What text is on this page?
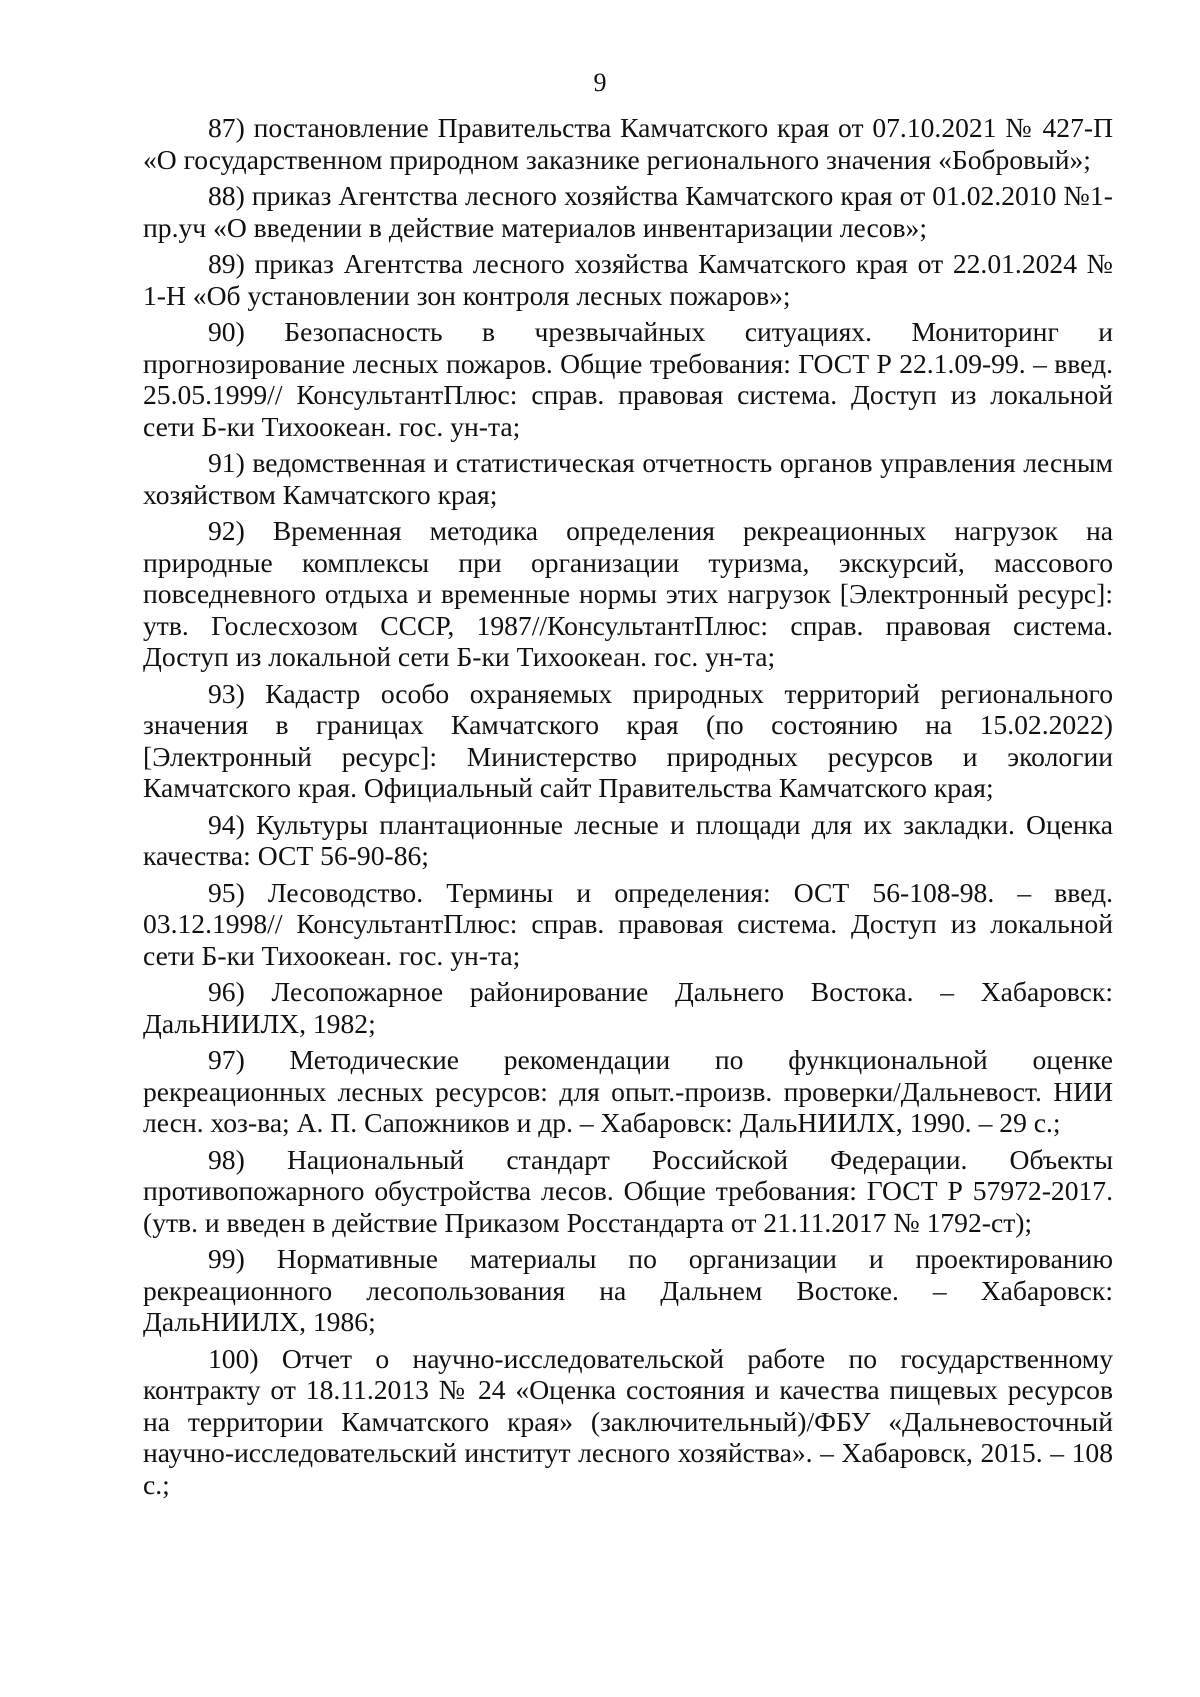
9

87) постановление Правительства Камчатского края от 07.10.2021 № 427-П «О государственном природном заказнике регионального значения «Бобровый»;

88) приказ Агентства лесного хозяйства Камчатского края от 01.02.2010 №1-пр.уч «О введении в действие материалов инвентаризации лесов»;

89) приказ Агентства лесного хозяйства Камчатского края от 22.01.2024 № 1-Н «Об установлении зон контроля лесных пожаров»;

90) Безопасность в чрезвычайных ситуациях. Мониторинг и прогнозирование лесных пожаров. Общие требования: ГОСТ Р 22.1.09-99. – введ. 25.05.1999// КонсультантПлюс: справ. правовая система. Доступ из локальной сети Б-ки Тихоокеан. гос. ун-та;

91) ведомственная и статистическая отчетность органов управления лесным хозяйством Камчатского края;

92) Временная методика определения рекреационных нагрузок на природные комплексы при организации туризма, экскурсий, массового повседневного отдыха и временные нормы этих нагрузок [Электронный ресурс]: утв. Гослесхозом СССР, 1987//КонсультантПлюс: справ. правовая система. Доступ из локальной сети Б-ки Тихоокеан. гос. ун-та;

93) Кадастр особо охраняемых природных территорий регионального значения в границах Камчатского края (по состоянию на 15.02.2022) [Электронный ресурс]: Министерство природных ресурсов и экологии Камчатского края. Официальный сайт Правительства Камчатского края;

94) Культуры плантационные лесные и площади для их закладки. Оценка качества: ОСТ 56-90-86;

95) Лесоводство. Термины и определения: ОСТ 56-108-98. – введ. 03.12.1998// КонсультантПлюс: справ. правовая система. Доступ из локальной сети Б-ки Тихоокеан. гос. ун-та;

96) Лесопожарное районирование Дальнего Востока. – Хабаровск: ДальНИИЛХ, 1982;

97) Методические рекомендации по функциональной оценке рекреационных лесных ресурсов: для опыт.-произв. проверки/Дальневост. НИИ лесн. хоз-ва; А. П. Сапожников и др. – Хабаровск: ДальНИИЛХ, 1990. – 29 с.;

98) Национальный стандарт Российской Федерации. Объекты противопожарного обустройства лесов. Общие требования: ГОСТ Р 57972-2017. (утв. и введен в действие Приказом Росстандарта от 21.11.2017 № 1792-ст);

99) Нормативные материалы по организации и проектированию рекреационного лесопользования на Дальнем Востоке. – Хабаровск: ДальНИИЛХ, 1986;

100) Отчет о научно-исследовательской работе по государственному контракту от 18.11.2013 № 24 «Оценка состояния и качества пищевых ресурсов на территории Камчатского края» (заключительный)/ФБУ «Дальневосточный научно-исследовательский институт лесного хозяйства». – Хабаровск, 2015. – 108 с.;
